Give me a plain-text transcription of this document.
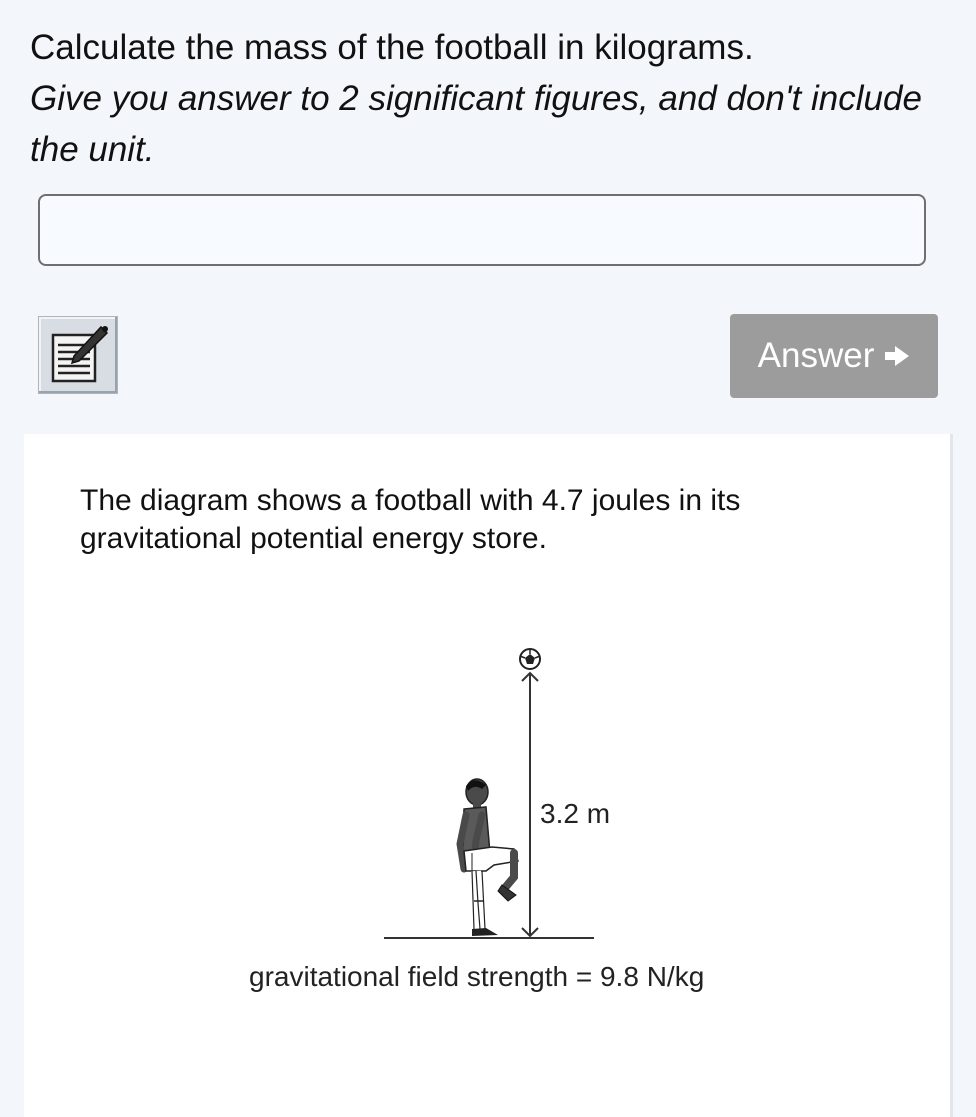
Calculate the mass of the football in kilograms.
Give you answer to 2 significant figures, and don't include the unit.
Answer
The diagram shows a football with 4.7 joules in its gravitational potential energy store.
3.2 m
gravitational field strength = 9.8 N/kg
